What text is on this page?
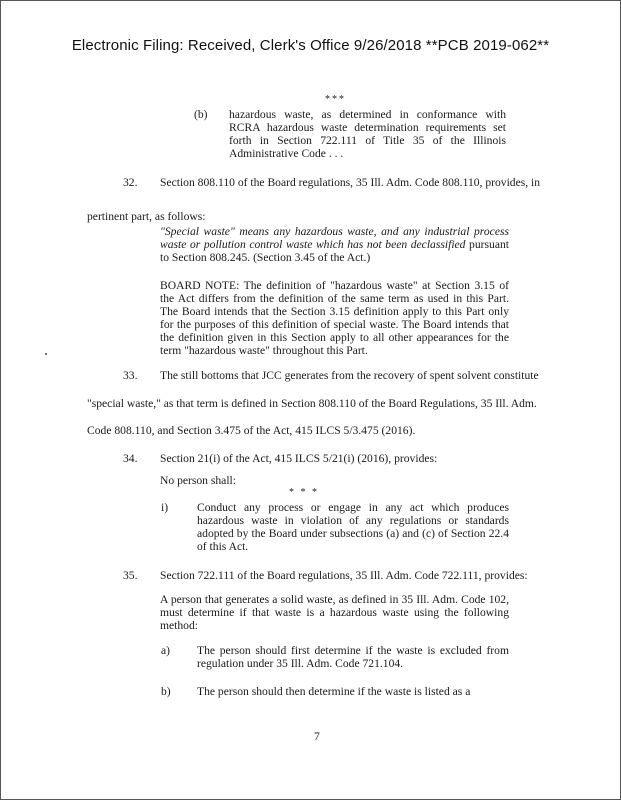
Electronic Filing: Received, Clerk's Office 9/26/2018 **PCB 2019-062**
***
(b) hazardous waste, as determined in conformance with RCRA hazardous waste determination requirements set forth in Section 722.111 of Title 35 of the Illinois Administrative Code . . .
32. Section 808.110 of the Board regulations, 35 Ill. Adm. Code 808.110, provides, in
pertinent part, as follows:
"Special waste" means any hazardous waste, and any industrial process waste or pollution control waste which has not been declassified pursuant to Section 808.245. (Section 3.45 of the Act.)
BOARD NOTE: The definition of "hazardous waste" at Section 3.15 of the Act differs from the definition of the same term as used in this Part. The Board intends that the Section 3.15 definition apply to this Part only for the purposes of this definition of special waste. The Board intends that the definition given in this Section apply to all other appearances for the term "hazardous waste" throughout this Part.
33. The still bottoms that JCC generates from the recovery of spent solvent constitute
"special waste," as that term is defined in Section 808.110 of the Board Regulations, 35 Ill. Adm.
Code 808.110, and Section 3.475 of the Act, 415 ILCS 5/3.475 (2016).
34. Section 21(i) of the Act, 415 ILCS 5/21(i) (2016), provides:
No person shall:
* * *
i) Conduct any process or engage in any act which produces hazardous waste in violation of any regulations or standards adopted by the Board under subsections (a) and (c) of Section 22.4 of this Act.
35. Section 722.111 of the Board regulations, 35 Ill. Adm. Code 722.111, provides:
A person that generates a solid waste, as defined in 35 Ill. Adm. Code 102, must determine if that waste is a hazardous waste using the following method:
a) The person should first determine if the waste is excluded from regulation under 35 Ill. Adm. Code 721.104.
b) The person should then determine if the waste is listed as a
7
